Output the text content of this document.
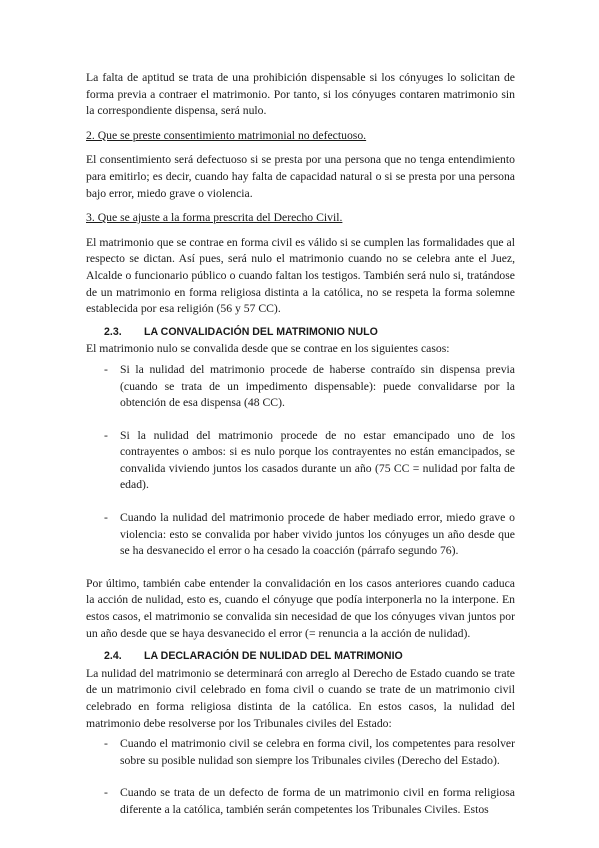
La falta de aptitud se trata de una prohibición dispensable si los cónyuges lo solicitan de forma previa a contraer el matrimonio. Por tanto, si los cónyuges contaren matrimonio sin la correspondiente dispensa, será nulo.

2. Que se preste consentimiento matrimonial no defectuoso.

El consentimiento será defectuoso si se presta por una persona que no tenga entendimiento para emitirlo; es decir, cuando hay falta de capacidad natural o si se presta por una persona bajo error, miedo grave o violencia.

3. Que se ajuste a la forma prescrita del Derecho Civil.

El matrimonio que se contrae en forma civil es válido si se cumplen las formalidades que al respecto se dictan. Así pues, será nulo el matrimonio cuando no se celebra ante el Juez, Alcalde o funcionario público o cuando faltan los testigos. También será nulo si, tratándose de un matrimonio en forma religiosa distinta a la católica, no se respeta la forma solemne establecida por esa religión (56 y 57 CC).

2.3.	LA CONVALIDACIÓN DEL MATRIMONIO NULO

El matrimonio nulo se convalida desde que se contrae en los siguientes casos:

- Si la nulidad del matrimonio procede de haberse contraído sin dispensa previa (cuando se trata de un impedimento dispensable): puede convalidarse por la obtención de esa dispensa (48 CC).
- Si la nulidad del matrimonio procede de no estar emancipado uno de los contrayentes o ambos: si es nulo porque los contrayentes no están emancipados, se convalida viviendo juntos los casados durante un año (75 CC = nulidad por falta de edad).
- Cuando la nulidad del matrimonio procede de haber mediado error, miedo grave o violencia: esto se convalida por haber vivido juntos los cónyuges un año desde que se ha desvanecido el error o ha cesado la coacción (párrafo segundo 76).

Por último, también cabe entender la convalidación en los casos anteriores cuando caduca la acción de nulidad, esto es, cuando el cónyuge que podía interponerla no la interpone. En estos casos, el matrimonio se convalida sin necesidad de que los cónyuges vivan juntos por un año desde que se haya desvanecido el error (= renuncia a la acción de nulidad).

2.4.	LA DECLARACIÓN DE NULIDAD DEL MATRIMONIO

La nulidad del matrimonio se determinará con arreglo al Derecho de Estado cuando se trate de un matrimonio civil celebrado en foma civil o cuando se trate de un matrimonio civil celebrado en forma religiosa distinta de la católica. En estos casos, la nulidad del matrimonio debe resolverse por los Tribunales civiles del Estado:

- Cuando el matrimonio civil se celebra en forma civil, los competentes para resolver sobre su posible nulidad son siempre los Tribunales civiles (Derecho del Estado).
- Cuando se trata de un defecto de forma de un matrimonio civil en forma religiosa diferente a la católica, también serán competentes los Tribunales Civiles. Estos
